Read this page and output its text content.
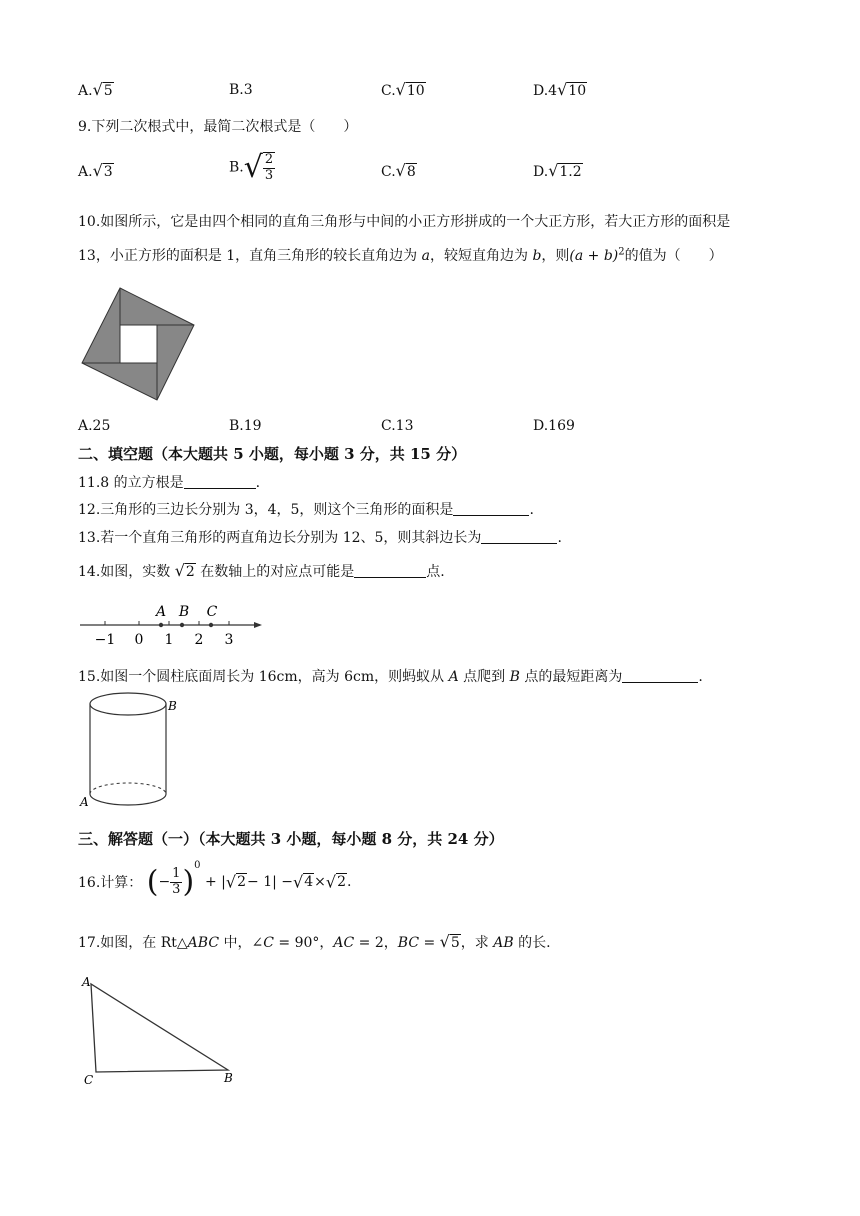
A.√5	B.3	C.√10	D.4√10
9.下列二次根式中，最简二次根式是（　　）
A.√3	$B.√ \frac{2}{3}$	C.√8	D.√1.2
10.如图所示，它是由四个相同的直角三角形与中间的小正方形拼成的一个大正方形，若大正方形的面积是
13，小正方形的面积是 1，直角三角形的较长直角边为 a，较短直角边为 b，则$(a + b)^2$的值为（　　）
A.25	B.19	C.13	D.169
二、填空题（本大题共 5 小题，每小题 3 分，共 15 分）
11.8 的立方根是	.
12.三角形的三边长分别为 3，4，5，则这个三角形的面积是	.
13.若一个直角三角形的两直角边长分别为 12、5，则其斜边长为	.
14.如图，实数 √2 在数轴上的对应点可能是	点.
−1 0 1 2 3
A B C
15.如图一个圆柱底面周长为 16cm，高为 6cm，则蚂蚁从 A 点爬到 B 点的最短距离为	.
B
A
三、解答题（一）（本大题共 3 小题，每小题 8 分，共 24 分）
16.计算： (− $\frac{1}{3} )^0 + |√2- 1| -√4\times√2$.
17.如图，在 Rt△ABC 中，∠C = 90°，AC = 2，BC = √5，求 AB 的长.
A
C	B
